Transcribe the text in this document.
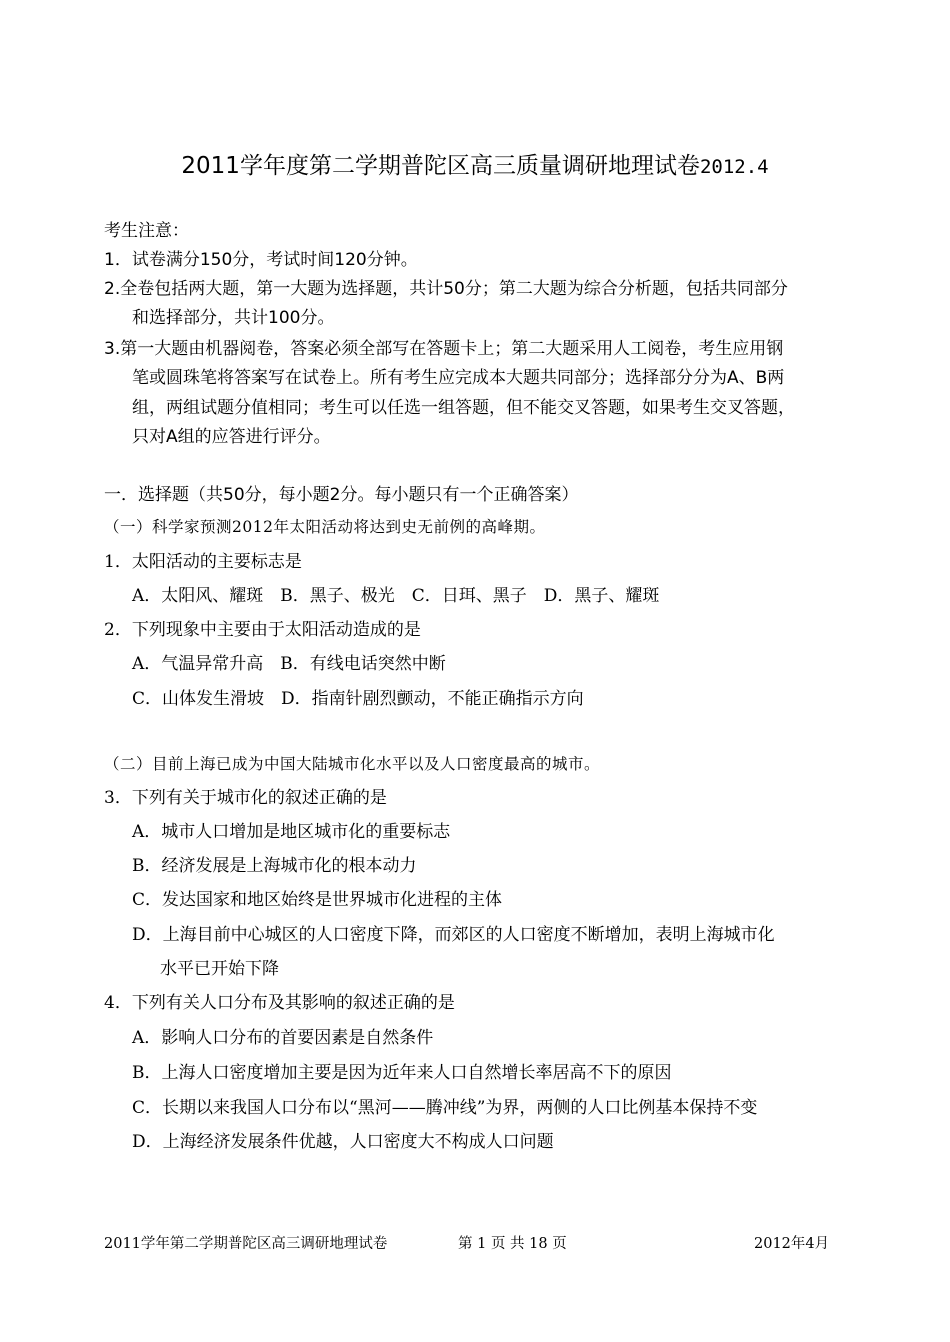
2011学年度第二学期普陀区高三质量调研地理试卷2012.4
考生注意：
1．试卷满分150分，考试时间120分钟。
2.全卷包括两大题，第一大题为选择题，共计50分；第二大题为综合分析题，包括共同部分
和选择部分，共计100分。
3.第一大题由机器阅卷，答案必须全部写在答题卡上；第二大题采用人工阅卷，考生应用钢
笔或圆珠笔将答案写在试卷上。所有考生应完成本大题共同部分；选择部分分为A、B两
组，两组试题分值相同；考生可以任选一组答题，但不能交叉答题，如果考生交叉答题，
只对A组的应答进行评分。
一．选择题（共50分，每小题2分。每小题只有一个正确答案）
（一）科学家预测2012年太阳活动将达到史无前例的高峰期。
1．太阳活动的主要标志是
A．太阳风、耀斑　B．黑子、极光　C．日珥、黑子　D．黑子、耀斑
2．下列现象中主要由于太阳活动造成的是
A．气温异常升高　B．有线电话突然中断
C．山体发生滑坡　D．指南针剧烈颤动，不能正确指示方向
（二）目前上海已成为中国大陆城市化水平以及人口密度最高的城市。
3．下列有关于城市化的叙述正确的是
A．城市人口增加是地区城市化的重要标志
B．经济发展是上海城市化的根本动力
C．发达国家和地区始终是世界城市化进程的主体
D．上海目前中心城区的人口密度下降，而郊区的人口密度不断增加，表明上海城市化
水平已开始下降
4．下列有关人口分布及其影响的叙述正确的是
A．影响人口分布的首要因素是自然条件
B．上海人口密度增加主要是因为近年来人口自然增长率居高不下的原因
C．长期以来我国人口分布以“黑河——腾冲线”为界，两侧的人口比例基本保持不变
D．上海经济发展条件优越，人口密度大不构成人口问题
2011学年第二学期普陀区高三调研地理试卷	第 1 页 共 18 页	2012年4月
